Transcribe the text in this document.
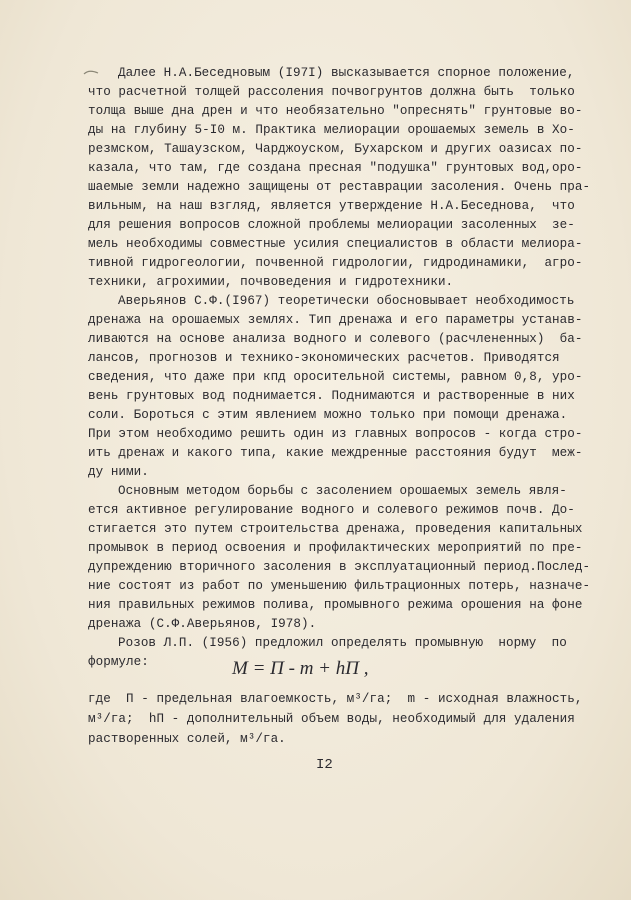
Далее Н.А.Беседновым (I97I) высказывается спорное положение,
что расчетной толщей рассоления почвогрунтов должна быть  только
толща выше дна дрен и что необязательно "опреснять" грунтовые во-
ды на глубину 5-I0 м. Практика мелиорации орошаемых земель в Хо-
резмском, Ташаузском, Чарджоуском, Бухарском и других оазисах по-
казала, что там, где создана пресная "подушка" грунтовых вод,оро-
шаемые земли надежно защищены от реставрации засоления. Очень пра-
вильным, на наш взгляд, является утверждение Н.А.Беседнова,  что
для решения вопросов сложной проблемы мелиорации засоленных  зе-
мель необходимы совместные усилия специалистов в области мелиора-
тивной гидрогеологии, почвенной гидрологии, гидродинамики,  агро-
техники, агрохимии, почвоведения и гидротехники.
Аверьянов С.Ф.(I967) теоретически обосновывает необходимость
дренажа на орошаемых землях. Тип дренажа и его параметры устанав-
ливаются на основе анализа водного и солевого (расчлененных)  ба-
лансов, прогнозов и технико-экономических расчетов. Приводятся
сведения, что даже при кпд оросительной системы, равном 0,8, уро-
вень грунтовых вод поднимается. Поднимаются и растворенные в них
соли. Бороться с этим явлением можно только при помощи дренажа.
При этом необходимо решить один из главных вопросов - когда стро-
ить дренаж и какого типа, какие междренные расстояния будут  меж-
ду ними.
Основным методом борьбы с засолением орошаемых земель явля-
ется активное регулирование водного и солевого режимов почв. До-
стигается это путем строительства дренажа, проведения капитальных
промывок в период освоения и профилактических мероприятий по пре-
дупреждению вторичного засоления в эксплуатационный период.Послед-
ние состоят из работ по уменьшению фильтрационных потерь, назначе-
ния правильных режимов полива, промывного режима орошения на фоне
дренажа (С.Ф.Аверьянов, I978).
Розов Л.П. (I956) предложил определять промывную  норму  по
формуле:	M = П - m + hП ,
где  П - предельная влагоемкость, м³/га;  m - исходная влажность,
м³/га;  hП - дополнительный объем воды, необходимый для удаления
растворенных солей, м³/га.
I2
